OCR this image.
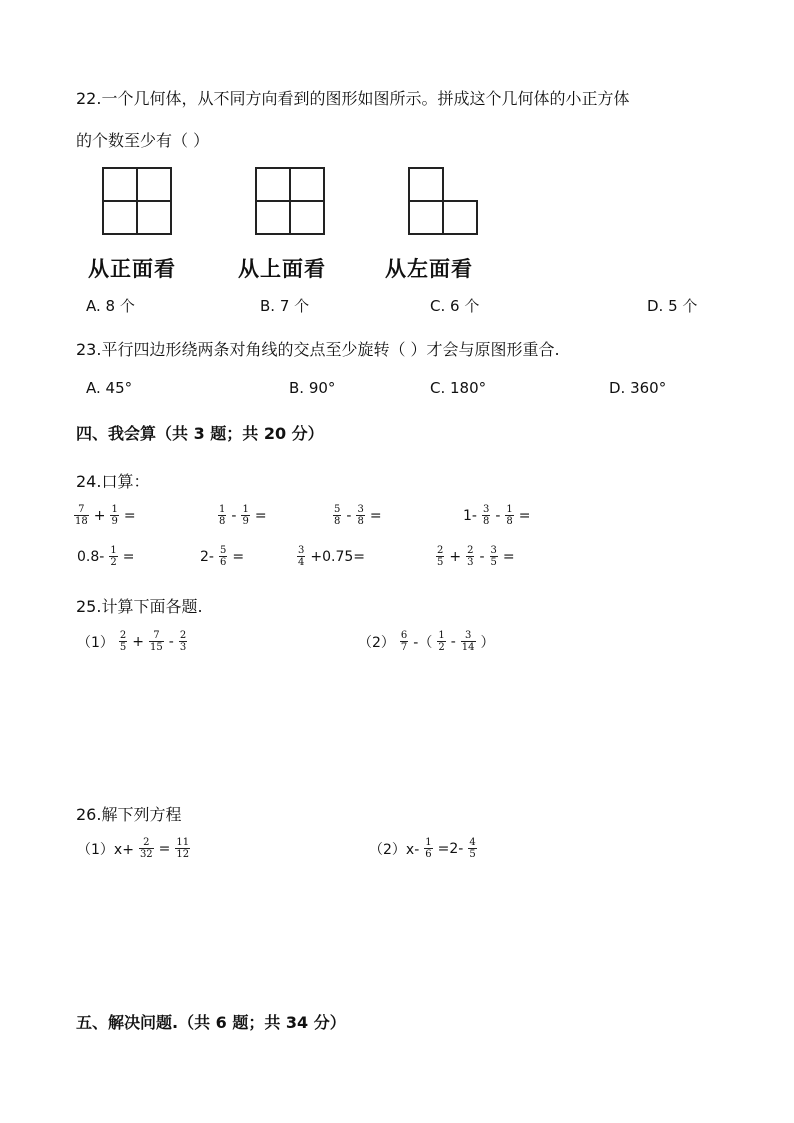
22.一个几何体，从不同方向看到的图形如图所示。拼成这个几何体的小正方体
的个数至少有（ ）
从正面看	从上面看	从左面看
A. 8 个	B. 7 个	C. 6 个	D. 5 个
23.平行四边形绕两条对角线的交点至少旋转（ ）才会与原图形重合.
A. 45°	B. 90°	C. 180°	D. 360°
四、我会算（共 3 题；共 20 分）
24.口算：
$\frac{7}{18} + \frac{1}{9}$ =	$\frac{1}{8} - \frac{1}{9}$ =	$\frac{5}{8} - \frac{3}{8}$ =	$1- \frac{3}{8} - \frac{1}{8}$ =
$0.8- \frac{1}{2}$ =	$2- \frac{5}{6}$ =	$\frac{3}{4} +0.75=$	$\frac{2}{5} + \frac{2}{3} - \frac{3}{5}$ =
25.计算下面各题.
$(1) \frac{2}{5} + \frac{7}{15} - \frac{2}{3}$	$(2) \frac{6}{7}$ -（ $\frac{1}{2} - \frac{3}{14}$ ）
26.解下列方程
$(1)x+ \frac{2}{32} = \frac{11}{12}$	$(2)x- \frac{1}{6} =2- \frac{4}{5}$
五、解决问题.（共 6 题；共 34 分）
